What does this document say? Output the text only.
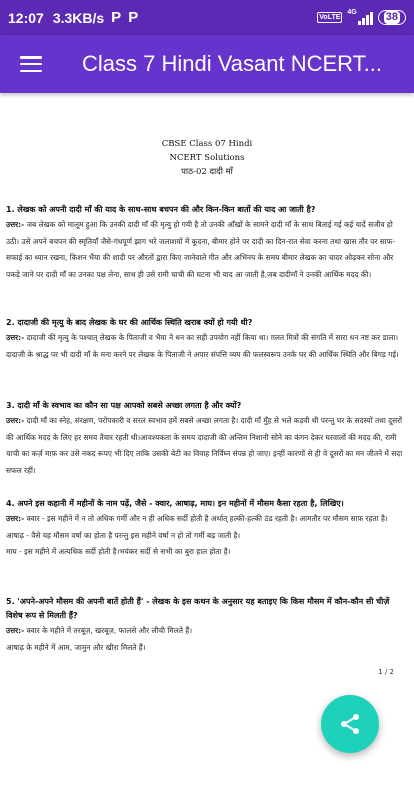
12:07 3.3KB/s P P	VoLTE
4G	38
Class 7 Hindi Vasant NCERT...
CBSE Class 07 Hindi
NCERT Solutions
पाठ-02 दादी माँ
1. लेखक को अपनी दादी माँ की याद के साथ-साथ बचपन की और किन-किन बातों की याद आ जाती है?
उत्तर:- जब लेखक को मालूम हुआ कि उनकी दादी माँ की मृत्यु हो गयी है तो उनकी आँखों के सामने दादी माँ के साथ बिताई गई कई यादें सजीव हो उठी। उसे अपने बचपन की स्मृतियाँ जैसे-गंधपूर्ण झाग भरे जलाशयों में कूदना, बीमार होने पर दादी का दिन-रात सेवा करना तथा खास तौर पर साफ-सफाई का ध्यान रखना, किशन भैया की शादी पर औरतों द्वारा किए जानेवाले गीत और अभिनय के समय बीमार लेखक का चादर ओढ़कर सोना और पकड़े जाने पर दादी माँ का उनका पक्ष लेना, साथ ही उसे रामी चाची की घटना भी याद आ जाती है,जब दादीमाँ ने उनकी आर्थिक मदद की।
2. दादाजी की मृत्यु के बाद लेखक के घर की आर्थिक स्थिति खराब क्यों हो गयी थी?
उत्तर:- दादाजी की मृत्यु के पश्चात् लेखक के पिताजी व भैया ने धन का सही उपयोग नहीं किया था। ग़लत मित्रों की संगति में सारा धन नष्ट कर डाला। दादाजी के श्राद्ध पर भी दादी माँ के मना करने पर लेखक के पिताजी ने अपार संपत्ति व्यय की फलस्वरूप उनके घर की आर्थिक स्थिति और बिगड़ गई।
3. दादी माँ के स्वभाव का कौन सा पक्ष आपको सबसे अच्छा लगता है और क्यों?
उत्तर:- दादी माँ का स्नेह, संरक्षण, परोपकारी व सरल स्वभाव हमें सबसे अच्छा लगता है। दादी माँ मुँह से भले कड़वी थी परन्तु घर के सदस्यों तथा दूसरों की आर्थिक मदद के लिए हर समय तैयार रहती थी।आवश्यकता के समय दादाजी की अन्तिम निशानी सोने का कंगन देकर घरवालों की मदद की, रामी चाची का कर्ज़ माफ़ कर उसे नकद रूपए भी दिए ताकि उसकी बेटी का विवाह निर्विघ्न संपन्न हो जाए। इन्हीं कारणों से ही वे दूसरों का मन जीतने में सदा सफल रहीं।
4. अपने इस कहानी में महीनों के नाम पढ़ें, जैसे - क्वार, आषाढ़, माघ। इन महीनों में मौसम कैसा रहता है, लिखिए।
उत्तर:- क्वार - इस महीने में न तो अधिक गर्मी और न ही अधिक सर्दी होती है अर्थात् हल्की-हल्की ठंड रहती है। आमतौर पर मौसम साफ़ रहता है।
आषाढ़ - वैसे यह मौसम वर्षा का होता है परन्तु इस महीने वर्षा न हो तो गर्मी बढ़ जाती है।
माघ - इस महीने में अत्यधिक सर्दी होती है।भयंकर सर्दी से सभी का बुरा हाल होता है।
5. 'अपने-अपने मौसम की अपनी बातें होती हैं' - लेखक के इस कथन के अनुसार यह बताइए कि किस मौसम में कौन-कौन सी चीज़ें विशेष रूप से मिलती हैं?
उत्तर:- क्वार के महीने में तरबूज़, खरबूज़, फालसे और लीची मिलते हैं।
आषाढ़ के महीने में आम, जामुन और खीरा मिलते हैं।
1 / 2
